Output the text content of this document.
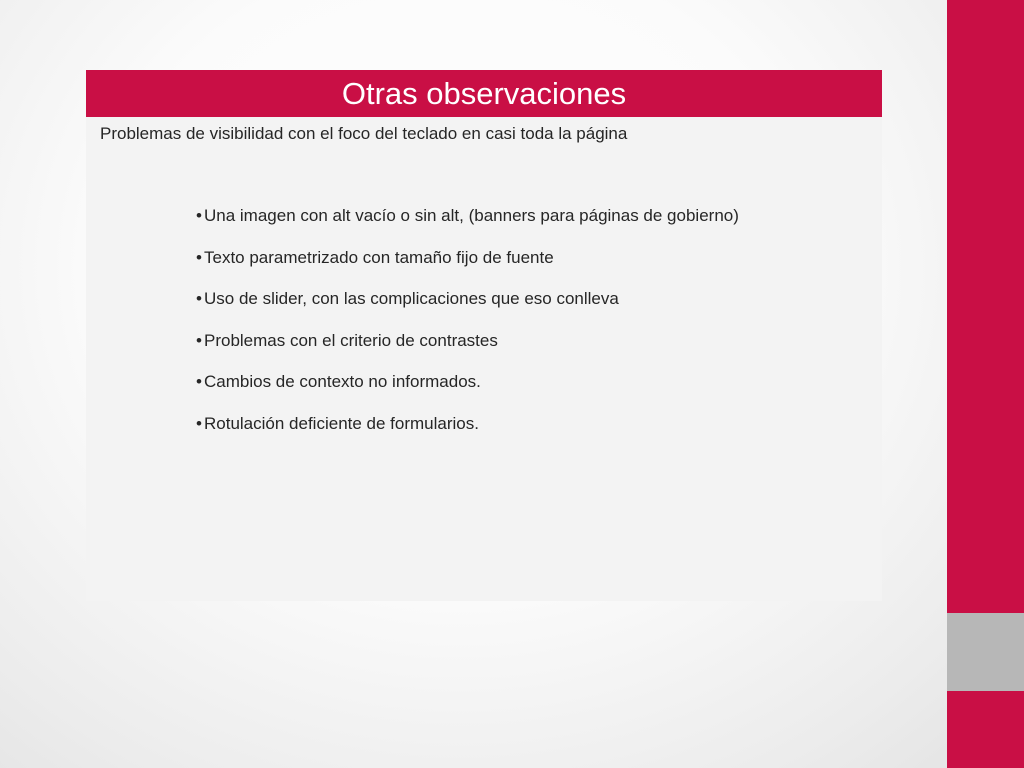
Otras observaciones
Problemas de visibilidad con el foco del teclado en casi toda la página
• Una imagen con alt vacío o sin alt, (banners para páginas de gobierno)
• Texto parametrizado con tamaño fijo de fuente
• Uso de slider, con las complicaciones que eso conlleva
• Problemas con el criterio de contrastes
• Cambios de contexto no informados.
• Rotulación deficiente de formularios.
